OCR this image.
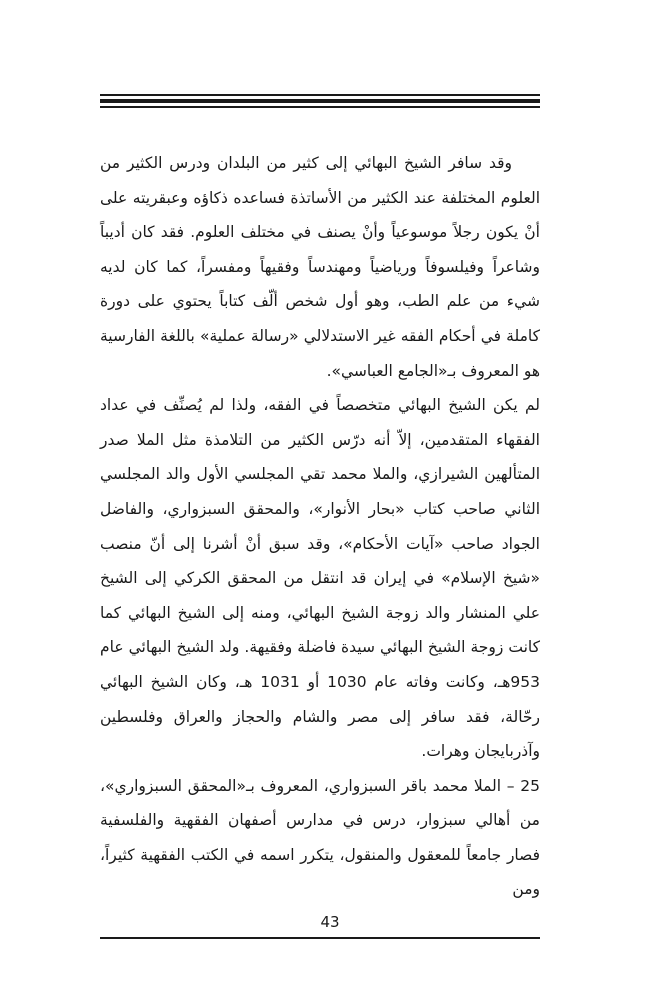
وقد سافر الشيخ البهائي إلى كثير من البلدان ودرس الكثير من العلوم المختلفة عند الكثير من الأساتذة فساعده ذكاؤه وعبقريته على أنْ يكون رجلاً موسوعياً وأنْ يصنف في مختلف العلوم. فقد كان أديباً وشاعراً وفيلسوفاً ورياضياً ومهندساً وفقيهاً ومفسراً، كما كان لديه شيء من علم الطب، وهو أول شخص ألّف كتاباً يحتوي على دورة كاملة في أحكام الفقه غير الاستدلالي «رسالة عملية» باللغة الفارسية هو المعروف بـ«الجامع العباسي».

لم يكن الشيخ البهائي متخصصاً في الفقه، ولذا لم يُصنِّف في عداد الفقهاء المتقدمين، إلاّ أنه درّس الكثير من التلامذة مثل الملا صدر المتألهين الشيرازي، والملا محمد تقي المجلسي الأول والد المجلسي الثاني صاحب كتاب «بحار الأنوار»، والمحقق السبزواري، والفاضل الجواد صاحب «آيات الأحكام»، وقد سبق أنْ أشرنا إلى أنّ منصب «شيخ الإسلام» في إيران قد انتقل من المحقق الكركي إلى الشيخ علي المنشار والد زوجة الشيخ البهائي، ومنه إلى الشيخ البهائي كما كانت زوجة الشيخ البهائي سيدة فاضلة وفقيهة. ولد الشيخ البهائي عام 953هـ، وكانت وفاته عام 1030 أو 1031 هـ، وكان الشيخ البهائي رحّالة، فقد سافر إلى مصر والشام والحجاز والعراق وفلسطين وآذربايجان وهرات.

25 – الملا محمد باقر السبزواري، المعروف بـ«المحقق السبزواري»، من أهالي سبزوار، درس في مدارس أصفهان الفقهية والفلسفية فصار جامعاً للمعقول والمنقول، يتكرر اسمه في الكتب الفقهية كثيراً، ومن

43
